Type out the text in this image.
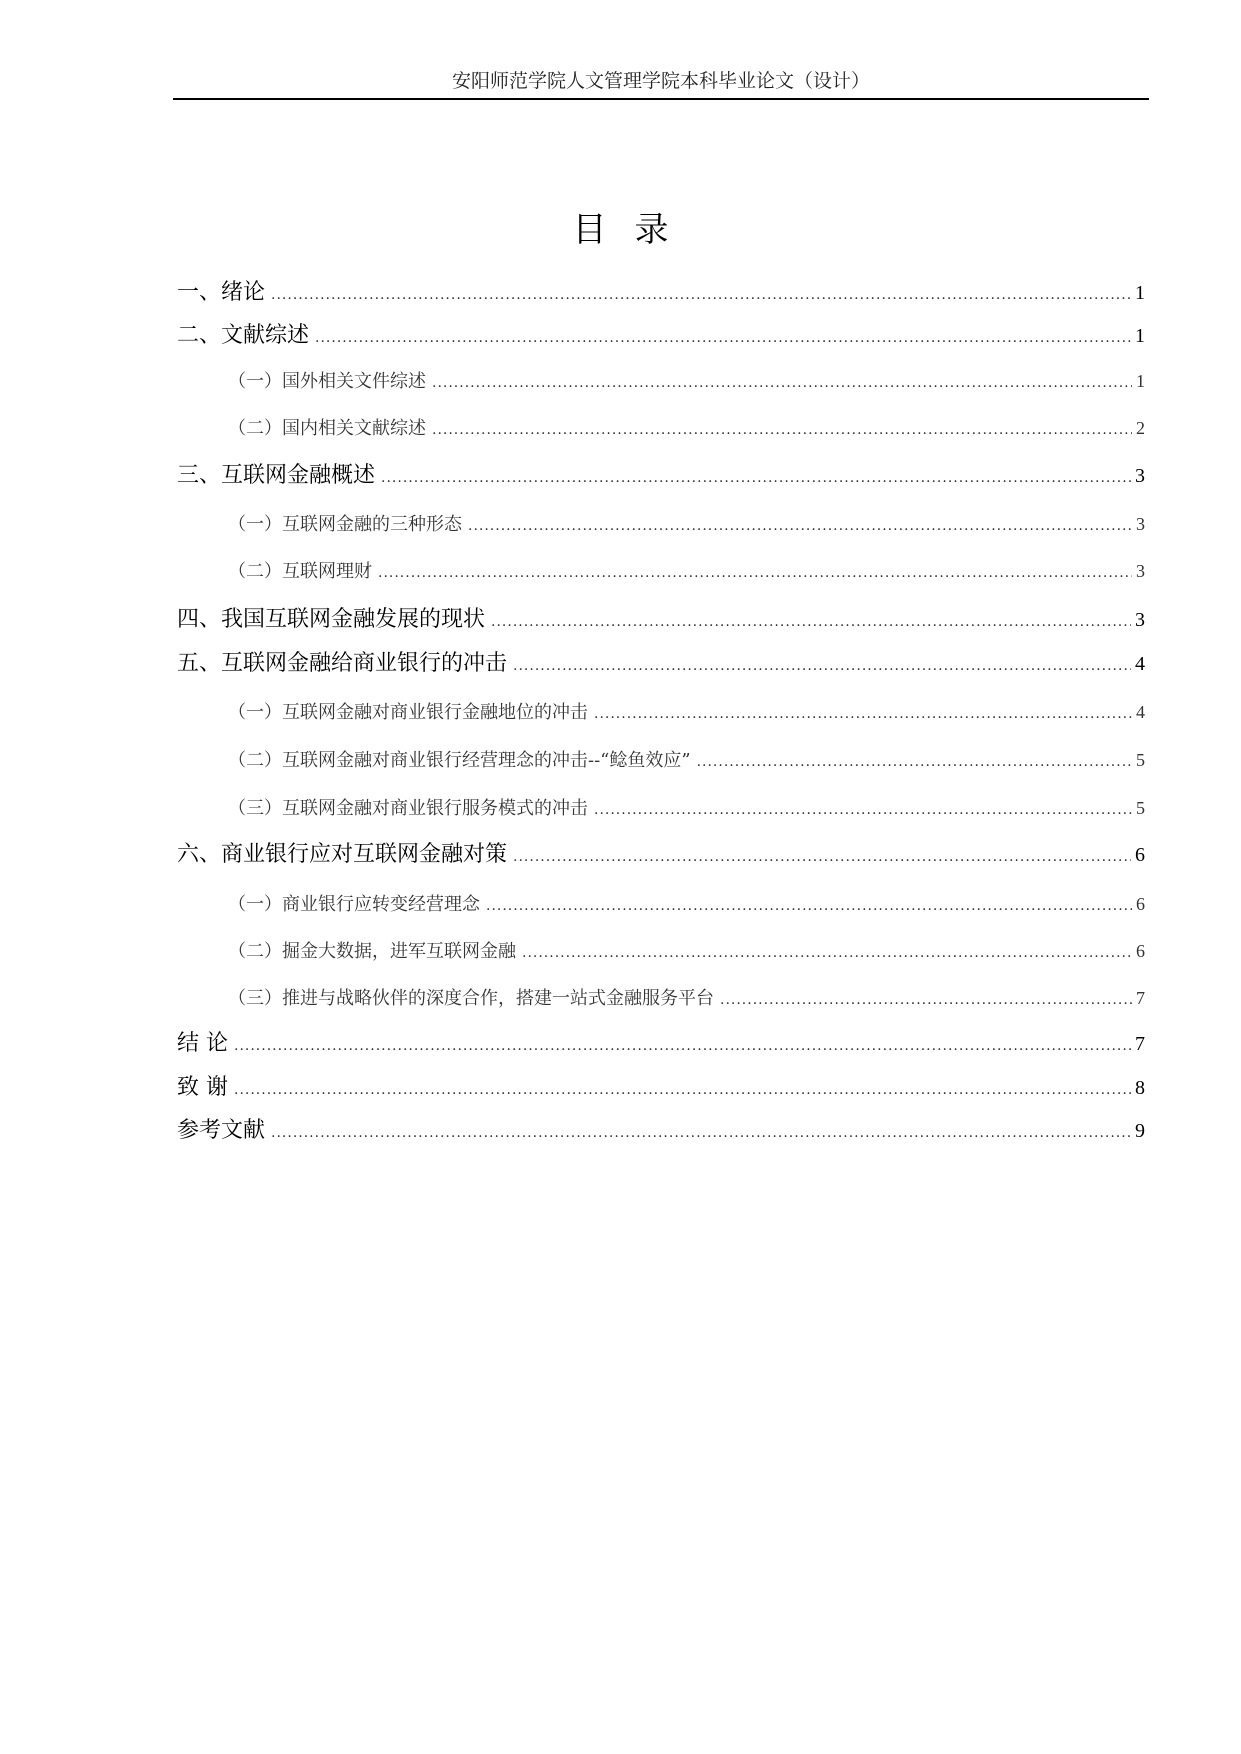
安阳师范学院人文管理学院本科毕业论文（设计）
目录
一、绪论 .....	1
二、文献综述 .....	1
（一）国外相关文件综述 .....	1
（二）国内相关文献综述 .....	2
三、互联网金融概述 .....	3
（一）互联网金融的三种形态 .....	3
（二）互联网理财 .....	3
四、我国互联网金融发展的现状 .....	3
五、互联网金融给商业银行的冲击 .....	4
（一）互联网金融对商业银行金融地位的冲击 .....	4
（二）互联网金融对商业银行经营理念的冲击--“鲶鱼效应” .....	5
（三）互联网金融对商业银行服务模式的冲击 .....	5
六、商业银行应对互联网金融对策 .....	6
（一）商业银行应转变经营理念 .....	6
（二）掘金大数据，进军互联网金融 .....	6
（三）推进与战略伙伴的深度合作，搭建一站式金融服务平台 .....	7
结 论 .....	7
致 谢 .....	8
参考文献 .....	9
